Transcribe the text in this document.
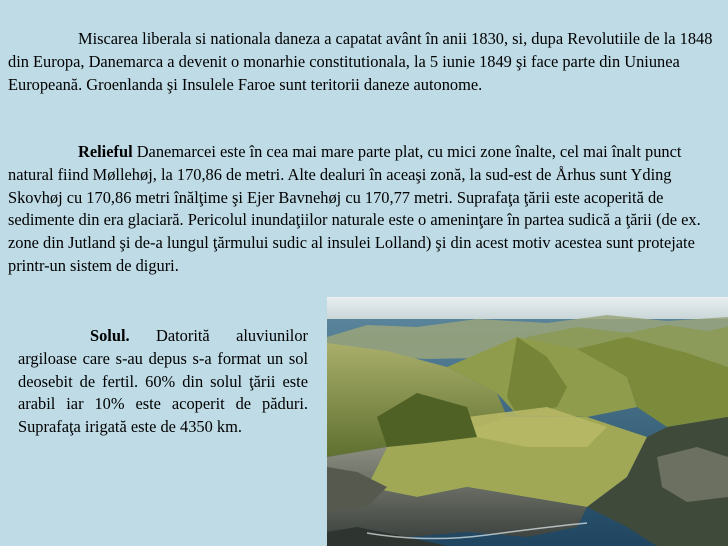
Miscarea liberala si nationala daneza a capatat avânt în anii 1830, si, dupa Revolutiile de la 1848 din Europa, Danemarca a devenit o monarhie constitutionala, la 5 iunie 1849 şi face parte din Uniunea Europeană. Groenlanda şi Insulele Faroe sunt teritorii daneze autonome.

Relieful Danemarcei este în cea mai mare parte plat, cu mici zone înalte, cel mai înalt punct natural fiind Møllehøj, la 170,86 de metri. Alte dealuri în aceaşi zonă, la sud-est de Århus sunt Yding Skovhøj cu 170,86 metri înălţime şi Ejer Bavnehøj cu 170,77 metri. Suprafaţa ţării este acoperită de sedimente din era glaciară. Pericolul inundaţiilor naturale este o ameninţare în partea sudică a ţării (de ex. zone din Jutland şi de-a lungul ţărmului sudic al insulei Lolland) şi din acest motiv acestea sunt protejate printr-un sistem de diguri.

Solul. Datorită aluviunilor argiloase care s-au depus s-a format un sol deosebit de fertil. 60% din solul ţării este arabil iar 10% este acoperit de păduri. Suprafaţa irigată este de 4350 km.
